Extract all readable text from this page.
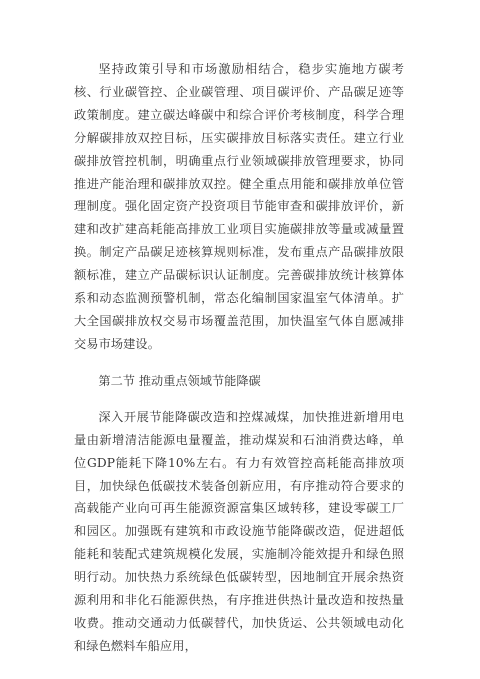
坚持政策引导和市场激励相结合，稳步实施地方碳考核、行业碳管控、企业碳管理、项目碳评价、产品碳足迹等政策制度。建立碳达峰碳中和综合评价考核制度，科学合理分解碳排放双控目标，压实碳排放目标落实责任。建立行业碳排放管控机制，明确重点行业领域碳排放管理要求，协同推进产能治理和碳排放双控。健全重点用能和碳排放单位管理制度。强化固定资产投资项目节能审查和碳排放评价，新建和改扩建高耗能高排放工业项目实施碳排放等量或减量置换。制定产品碳足迹核算规则标准，发布重点产品碳排放限额标准，建立产品碳标识认证制度。完善碳排放统计核算体系和动态监测预警机制，常态化编制国家温室气体清单。扩大全国碳排放权交易市场覆盖范围，加快温室气体自愿减排交易市场建设。

第二节 推动重点领域节能降碳

深入开展节能降碳改造和控煤减煤，加快推进新增用电量由新增清洁能源电量覆盖，推动煤炭和石油消费达峰，单位GDP能耗下降10%左右。有力有效管控高耗能高排放项目，加快绿色低碳技术装备创新应用，有序推动符合要求的高载能产业向可再生能源资源富集区域转移，建设零碳工厂和园区。加强既有建筑和市政设施节能降碳改造，促进超低能耗和装配式建筑规模化发展，实施制冷能效提升和绿色照明行动。加快热力系统绿色低碳转型，因地制宜开展余热资源利用和非化石能源供热，有序推进供热计量改造和按热量收费。推动交通动力低碳替代，加快货运、公共领域电动化和绿色燃料车船应用，
